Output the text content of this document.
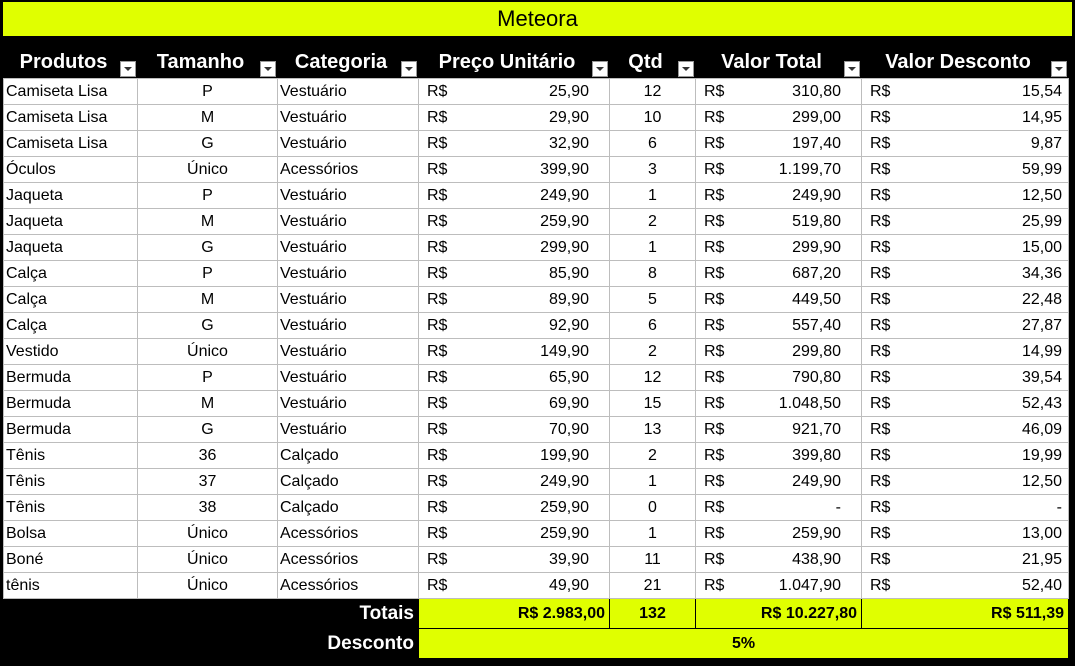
Meteora
Produtos	Tamanho	Categoria	Preço Unitário	Qtd	Valor Total	Valor Desconto

Camiseta Lisa	P	Vestuário	R$ 25,90	12	R$ 310,80	R$ 15,54

Camiseta Lisa	M	Vestuário	R$ 29,90	10	R$ 299,00	R$ 14,95

Camiseta Lisa	G	Vestuário	R$ 32,90	6	R$ 197,40	R$ 9,87

Óculos	Único	Acessórios	R$ 399,90	3	R$ 1.199,70	R$ 59,99

Jaqueta	P	Vestuário	R$ 249,90	1	R$ 249,90	R$ 12,50

Jaqueta	M	Vestuário	R$ 259,90	2	R$ 519,80	R$ 25,99

Jaqueta	G	Vestuário	R$ 299,90	1	R$ 299,90	R$ 15,00

Calça	P	Vestuário	R$ 85,90	8	R$ 687,20	R$ 34,36

Calça	M	Vestuário	R$ 89,90	5	R$ 449,50	R$ 22,48

Calça	G	Vestuário	R$ 92,90	6	R$ 557,40	R$ 27,87

Vestido	Único	Vestuário	R$ 149,90	2	R$ 299,80	R$ 14,99

Bermuda	P	Vestuário	R$ 65,90	12	R$ 790,80	R$ 39,54

Bermuda	M	Vestuário	R$ 69,90	15	R$ 1.048,50	R$ 52,43

Bermuda	G	Vestuário	R$ 70,90	13	R$ 921,70	R$ 46,09

Tênis	36	Calçado	R$ 199,90	2	R$ 399,80	R$ 19,99

Tênis	37	Calçado	R$ 249,90	1	R$ 249,90	R$ 12,50

Tênis	38	Calçado	R$ 259,90	0	R$ -	R$ -

Bolsa	Único	Acessórios	R$ 259,90	1	R$ 259,90	R$ 13,00

Boné	Único	Acessórios	R$ 39,90	11	R$ 438,90	R$ 21,95

tênis	Único	Acessórios	R$ 49,90	21	R$ 1.047,90	R$ 52,40

		Totais	R$ 2.983,00	132	R$ 10.227,80	R$ 511,39
		Desconto	5%			
